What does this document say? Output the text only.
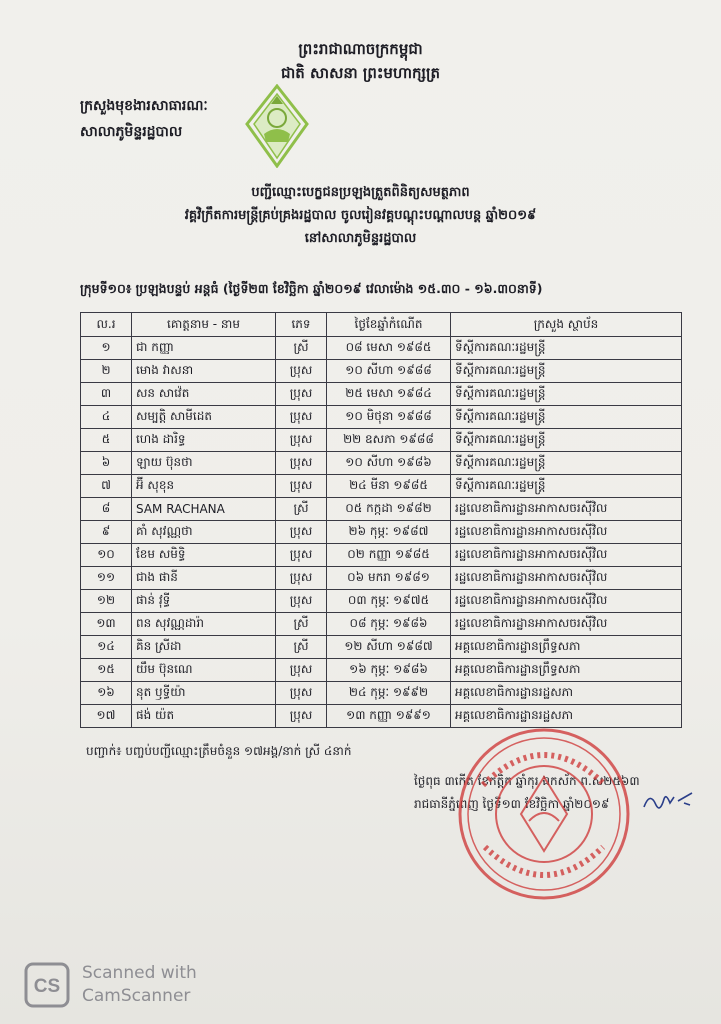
ព្រះរាជាណាចក្រកម្ពុជា
ជាតិ សាសនា ព្រះមហាក្សត្រ
ក្រសួងមុខងារសាធារណៈ
សាលាភូមិន្ទរដ្ឋបាល
បញ្ជីឈ្មោះបេក្ខជនប្រឡងត្រួតពិនិត្យសមត្ថភាព
វគ្គវិក្រឹតការមន្ត្រីគ្រប់គ្រងរដ្ឋបាល ចូលរៀនវគ្គបណ្តុះបណ្តាលបន្ត ឆ្នាំ២០១៩
នៅសាលាភូមិន្ទរដ្ឋបាល
ក្រុមទី១០៖ ប្រឡងបន្ទប់ អន្តធំ (ថ្ងៃទី២៣ ខែវិច្ឆិកា ឆ្នាំ២០១៩ វេលាម៉ោង ១៥.៣០ - ១៦.៣០នាទី)
ល.រ	គោត្តនាម - នាម	ភេទ	ថ្ងៃខែឆ្នាំកំណើត	ក្រសួង ស្ថាប័ន
១	ជា កញ្ញា	ស្រី	០៨ មេសា ១៩៨៥	ទីស្តីការគណៈរដ្ឋមន្ត្រី
២	មោង វាសនា	ប្រុស	១០ សីហា ១៩៨៨	ទីស្តីការគណៈរដ្ឋមន្ត្រី
៣	សន សាវ៉េត	ប្រុស	២៥ មេសា ១៩៨៤	ទីស្តីការគណៈរដ្ឋមន្ត្រី
៤	សម្បត្តិ សាមីដេត	ប្រុស	១០ មិថុនា ១៩៨៨	ទីស្តីការគណៈរដ្ឋមន្ត្រី
៥	ហេង ដារិទ្ធ	ប្រុស	២២ ឧសភា ១៩៨៨	ទីស្តីការគណៈរដ្ឋមន្ត្រី
៦	ឡាយ ប៊ុនថា	ប្រុស	១០ សីហា ១៩៨៦	ទីស្តីការគណៈរដ្ឋមន្ត្រី
៧	អ៊ី សុខុន	ប្រុស	២៤ មីនា ១៩៨៥	ទីស្តីការគណៈរដ្ឋមន្ត្រី
៨	SAM RACHANA	ស្រី	០៥ កក្កដា ១៩៨២	រដ្ឋលេខាធិការដ្ឋានអាកាសចរស៊ីវិល
៩	គាំ សុវណ្ណថា	ប្រុស	២៦ កុម្ភៈ ១៩៨៧	រដ្ឋលេខាធិការដ្ឋានអាកាសចរស៊ីវិល
១០	ខែម សមិទ្ធិ	ប្រុស	០២ កញ្ញា ១៩៨៥	រដ្ឋលេខាធិការដ្ឋានអាកាសចរស៊ីវិល
១១	ជាង ផានី	ប្រុស	០៦ មករា ១៩៨១	រដ្ឋលេខាធិការដ្ឋានអាកាសចរស៊ីវិល
១២	ផាន់ វុទ្ធី	ប្រុស	០៣ កុម្ភៈ ១៩៧៥	រដ្ឋលេខាធិការដ្ឋានអាកាសចរស៊ីវិល
១៣	ពន សុវណ្ណដារ៉ា	ស្រី	០៨ កុម្ភៈ ១៩៨៦	រដ្ឋលេខាធិការដ្ឋានអាកាសចរស៊ីវិល
១៤	គិន ស្រីដា	ស្រី	១២ សីហា ១៩៨៧	អគ្គលេខាធិការដ្ឋានព្រឹទ្ធសភា
១៥	យឹម ប៊ុនណេ	ប្រុស	១៦ កុម្ភៈ ១៩៨៦	អគ្គលេខាធិការដ្ឋានព្រឹទ្ធសភា
១៦	នុត ឫទ្ធីយ៉ា	ប្រុស	២៤ កុម្ភៈ ១៩៩២	អគ្គលេខាធិការដ្ឋានរដ្ឋសភា
១៧	ផង់ យ៉ត	ប្រុស	១៣ កញ្ញា ១៩៩១	អគ្គលេខាធិការដ្ឋានរដ្ឋសភា
បញ្ជាក់៖ បញ្ចប់បញ្ជីឈ្មោះត្រឹមចំនួន ១៧អង្គ/នាក់ ស្រី ៤នាក់
ថ្ងៃពុធ ៣កើត ខែកត្តិក ឆ្នាំកុរ ឯកស័ក ព.ស២៥៦៣
រាជធានីភ្នំពេញ ថ្ងៃទី១៣ ខែវិច្ឆិកា ឆ្នាំ២០១៩
CS
Scanned with
CamScanner
